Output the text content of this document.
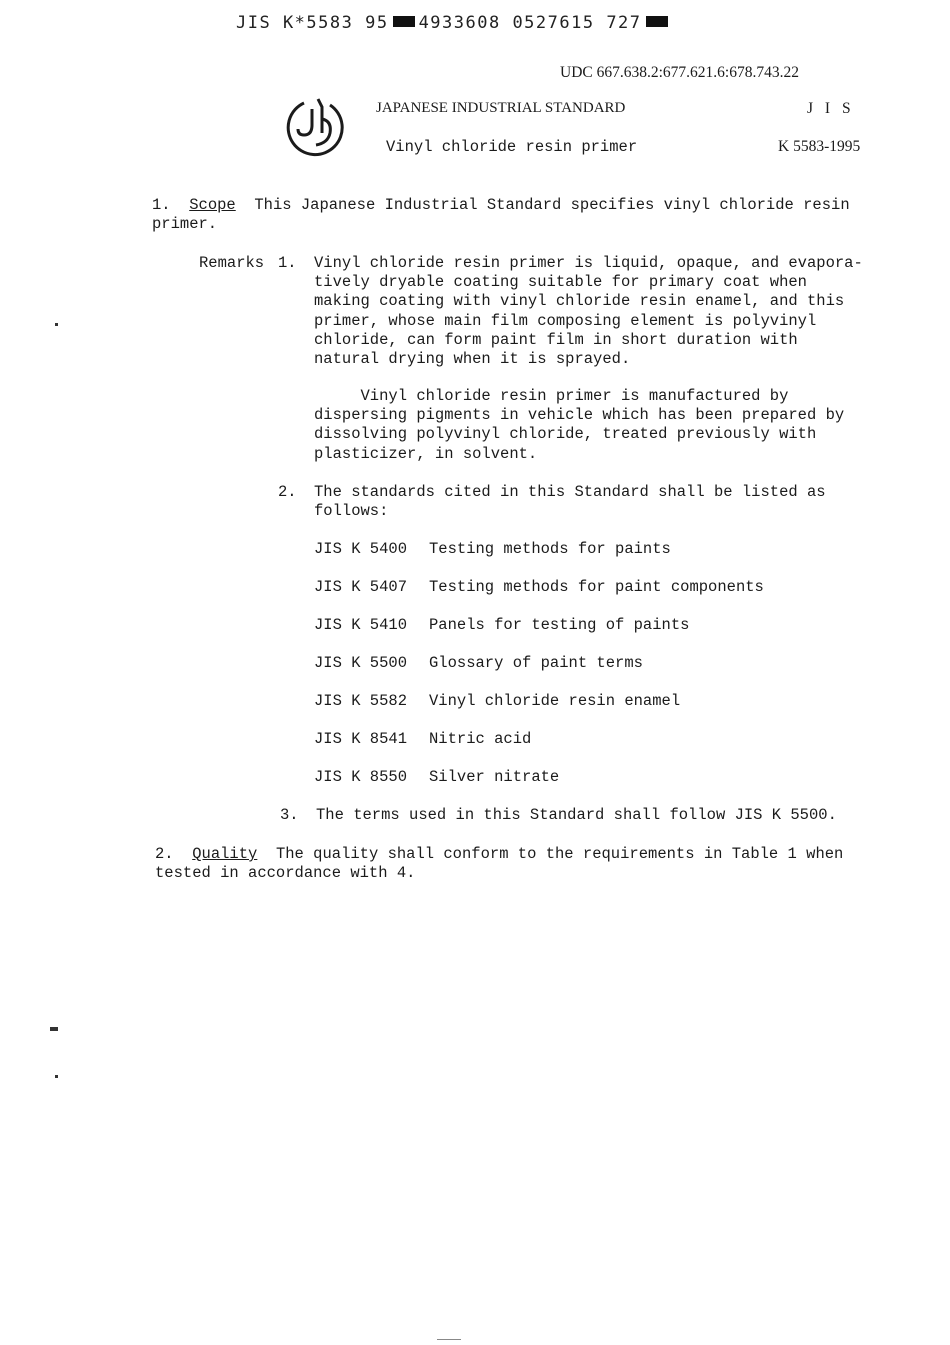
JIS K*5583 95 4933608 0527615 727
UDC 667.638.2:677.621.6:678.743.22
JAPANESE INDUSTRIAL STANDARD	J I S
Vinyl chloride resin primer	K 5583-1995
1. Scope This Japanese Industrial Standard specifies vinyl chloride resin
primer.
Remarks 1. Vinyl chloride resin primer is liquid, opaque, and evapora-
tively dryable coating suitable for primary coat when
making coating with vinyl chloride resin enamel, and this
primer, whose main film composing element is polyvinyl
chloride, can form paint film in short duration with
natural drying when it is sprayed.
Vinyl chloride resin primer is manufactured by
dispersing pigments in vehicle which has been prepared by
dissolving polyvinyl chloride, treated previously with
plasticizer, in solvent.
2. The standards cited in this Standard shall be listed as
follows:
JIS K 5400 Testing methods for paints
JIS K 5407 Testing methods for paint components
JIS K 5410 Panels for testing of paints
JIS K 5500 Glossary of paint terms
JIS K 5582 Vinyl chloride resin enamel
JIS K 8541 Nitric acid
JIS K 8550 Silver nitrate
3. The terms used in this Standard shall follow JIS K 5500.
2. Quality The quality shall conform to the requirements in Table 1 when
tested in accordance with 4.
